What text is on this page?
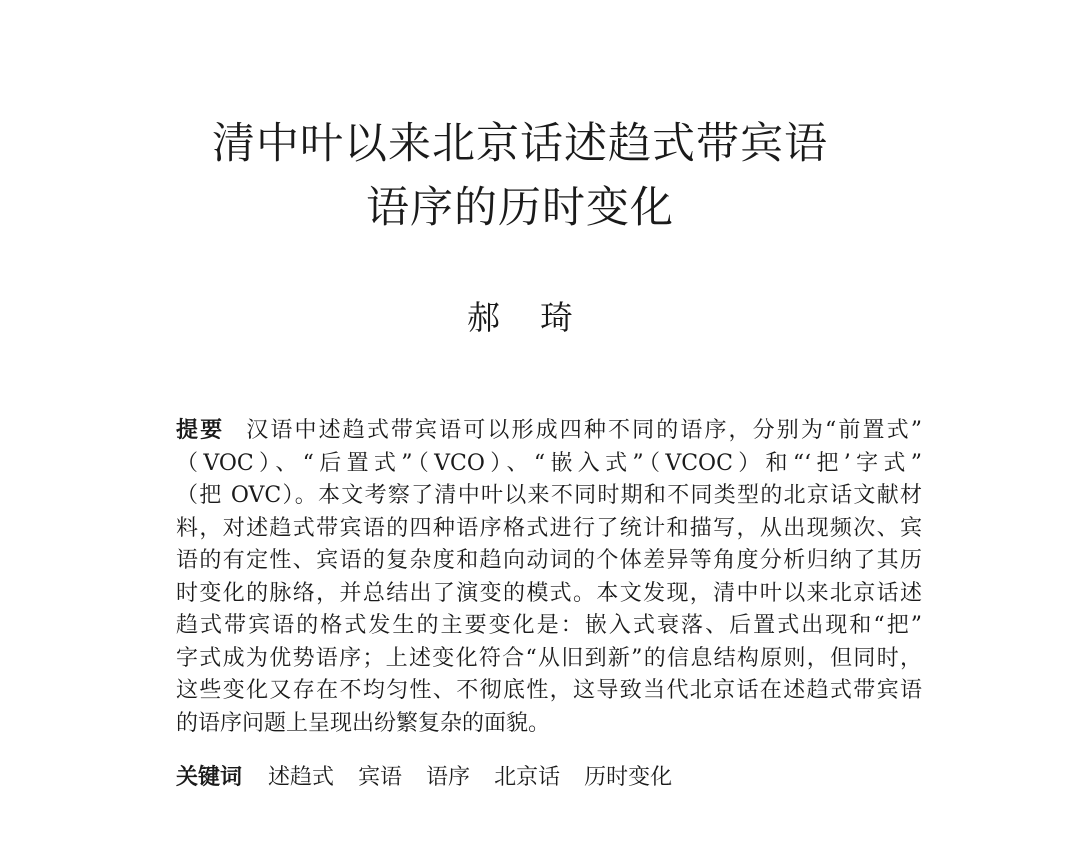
清中叶以来北京话述趋式带宾语
语序的历时变化
郝琦
提要 汉语中述趋式带宾语可以形成四种不同的语序，分别为“前置式”
（VOC）、“后置式”（VCO）、“嵌入式”（VCOC）和“‘把’字式”
（把 OVC）。本文考察了清中叶以来不同时期和不同类型的北京话文献材
料，对述趋式带宾语的四种语序格式进行了统计和描写，从出现频次、宾
语的有定性、宾语的复杂度和趋向动词的个体差异等角度分析归纳了其历
时变化的脉络，并总结出了演变的模式。本文发现，清中叶以来北京话述
趋式带宾语的格式发生的主要变化是：嵌入式衰落、后置式出现和“把”
字式成为优势语序；上述变化符合“从旧到新”的信息结构原则，但同时，
这些变化又存在不均匀性、不彻底性，这导致当代北京话在述趋式带宾语
的语序问题上呈现出纷繁复杂的面貌。
关键词 述趋式 宾语 语序 北京话 历时变化
